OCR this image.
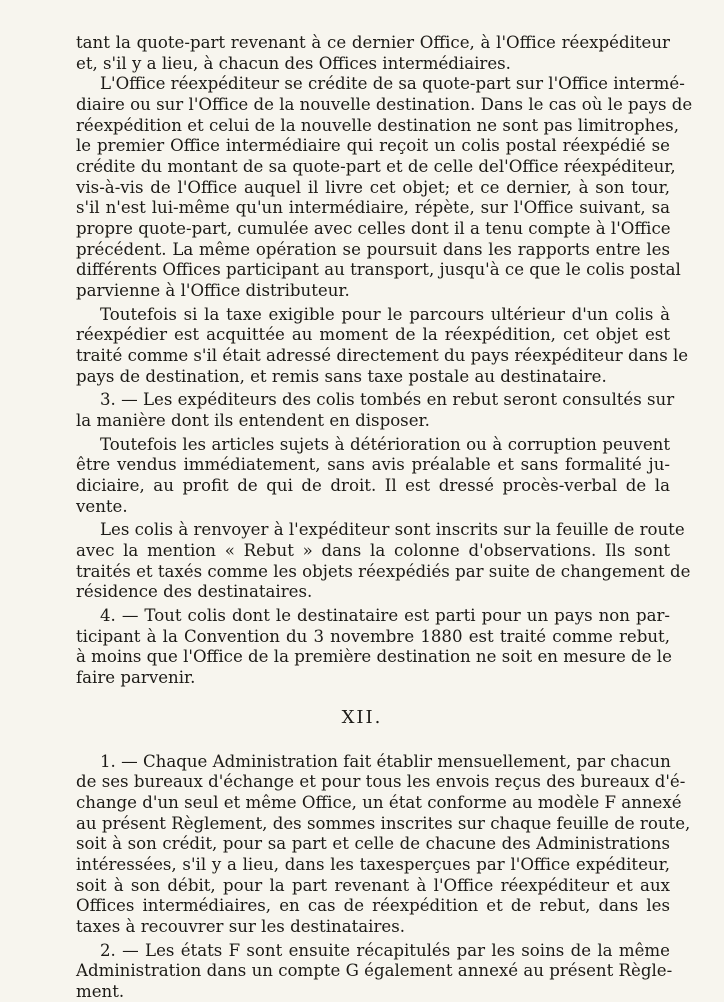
tant la quote-part revenant à ce dernier Office, à l'Office réexpéditeur
et, s'il y a lieu, à chacun des Offices intermédiaires.
L'Office réexpéditeur se crédite de sa quote-part sur l'Office intermé-
diaire ou sur l'Office de la nouvelle destination. Dans le cas où le pays de
réexpédition et celui de la nouvelle destination ne sont pas limitrophes,
le premier Office intermédiaire qui reçoit un colis postal réexpédié se
crédite du montant de sa quote-part et de celle del'Office réexpéditeur,
vis-à-vis de l'Office auquel il livre cet objet; et ce dernier, à son tour,
s'il n'est lui-même qu'un intermédiaire, répète, sur l'Office suivant, sa
propre quote-part, cumulée avec celles dont il a tenu compte à l'Office
précédent. La même opération se poursuit dans les rapports entre les
différents Offices participant au transport, jusqu'à ce que le colis postal
parvienne à l'Office distributeur.
Toutefois si la taxe exigible pour le parcours ultérieur d'un colis à
réexpédier est acquittée au moment de la réexpédition, cet objet est
traité comme s'il était adressé directement du pays réexpéditeur dans le
pays de destination, et remis sans taxe postale au destinataire.
3. — Les expéditeurs des colis tombés en rebut seront consultés sur
la manière dont ils entendent en disposer.
Toutefois les articles sujets à détérioration ou à corruption peuvent
être vendus immédiatement, sans avis préalable et sans formalité ju-
diciaire, au profit de qui de droit. Il est dressé procès-verbal de la
vente.
Les colis à renvoyer à l'expéditeur sont inscrits sur la feuille de route
avec la mention « Rebut » dans la colonne d'observations. Ils sont
traités et taxés comme les objets réexpédiés par suite de changement de
résidence des destinataires.
4. — Tout colis dont le destinataire est parti pour un pays non par-
ticipant à la Convention du 3 novembre 1880 est traité comme rebut,
à moins que l'Office de la première destination ne soit en mesure de le
faire parvenir.
XII.
1. — Chaque Administration fait établir mensuellement, par chacun
de ses bureaux d'échange et pour tous les envois reçus des bureaux d'é-
change d'un seul et même Office, un état conforme au modèle F annexé
au présent Règlement, des sommes inscrites sur chaque feuille de route,
soit à son crédit, pour sa part et celle de chacune des Administrations
intéressées, s'il y a lieu, dans les taxesperçues par l'Office expéditeur,
soit à son débit, pour la part revenant à l'Office réexpéditeur et aux
Offices intermédiaires, en cas de réexpédition et de rebut, dans les
taxes à recouvrer sur les destinataires.
2. — Les états F sont ensuite récapitulés par les soins de la même
Administration dans un compte G également annexé au présent Règle-
ment.
